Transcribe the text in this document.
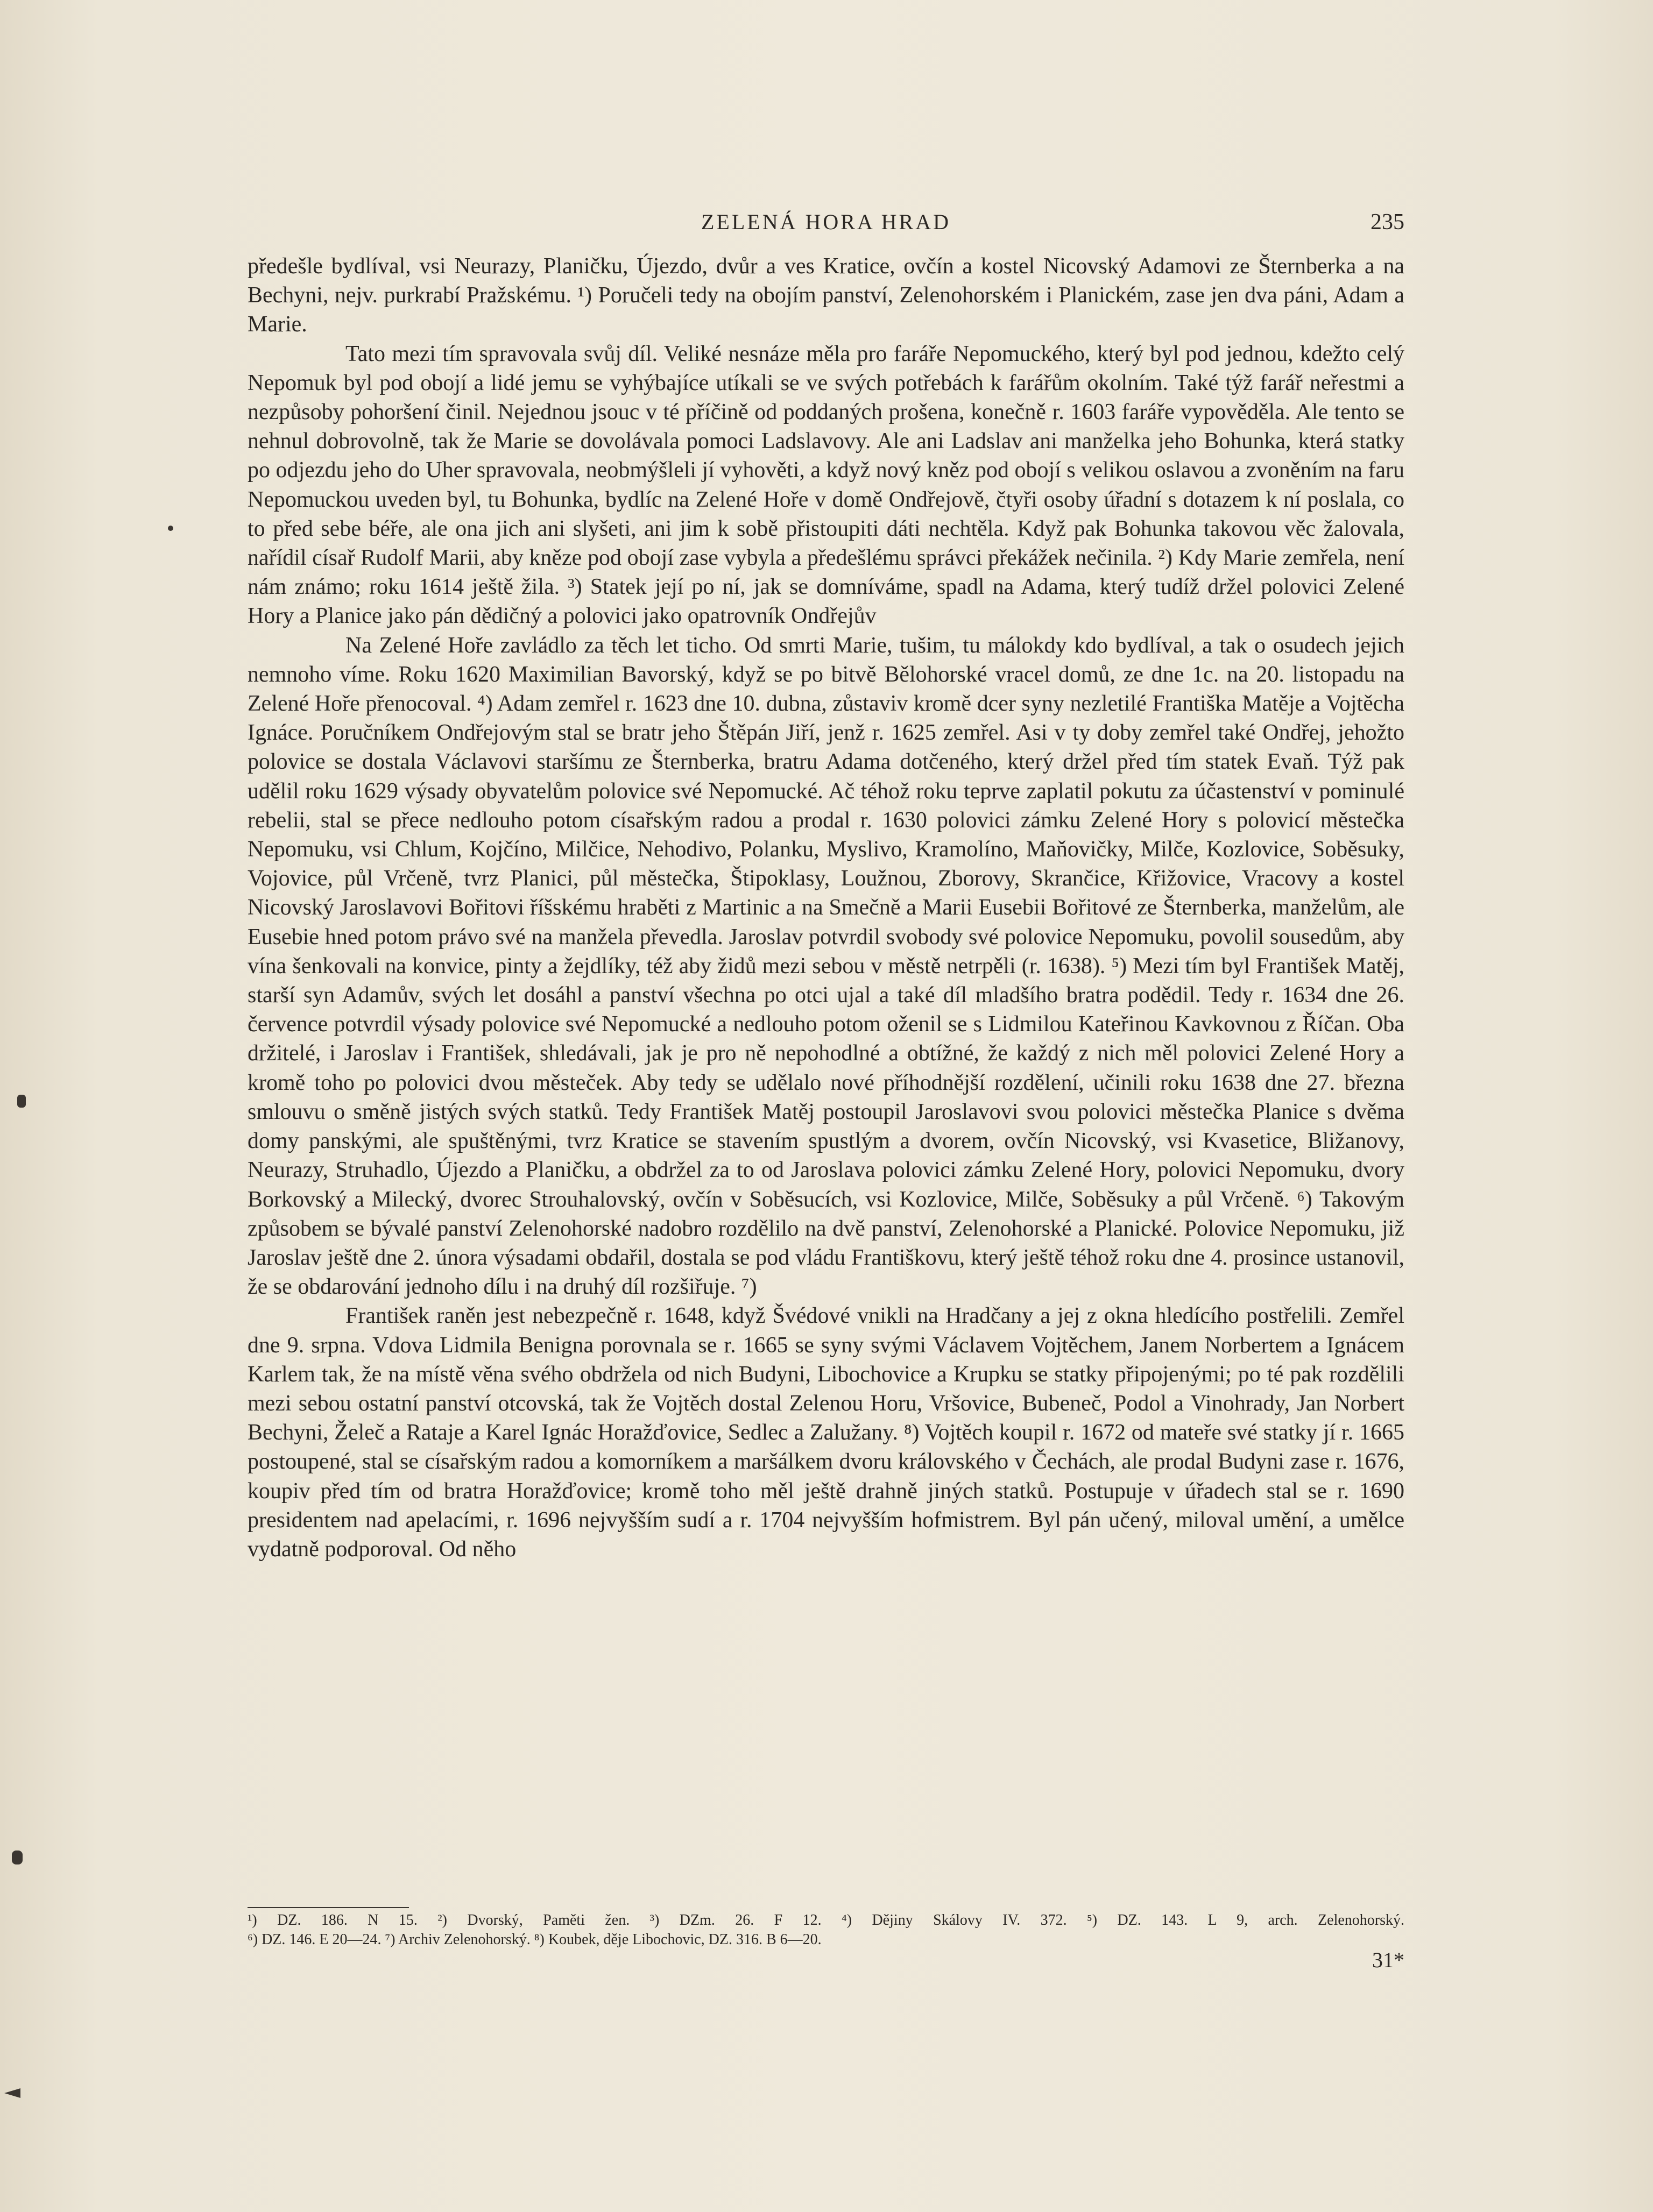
ZELENÁ HORA HRAD	235

předešle bydlíval, vsi Neurazy, Planičku, Újezdo, dvůr a ves Kratice, ovčín a kostel Nicovský Adamovi ze Šternberka a na Bechyni, nejv. purkrabí Pražskému. ¹) Poručeli tedy na obojím panství, Zelenohorském i Planickém, zase jen dva páni, Adam a Marie.

Tato mezi tím spravovala svůj díl. Veliké nesnáze měla pro faráře Nepomuckého, který byl pod jednou, kdežto celý Nepomuk byl pod obojí a lidé jemu se vyhýbajíce utíkali se ve svých potřebách k farářům okolním. Také týž farář neřestmi a nezpůsoby pohoršení činil. Nejednou jsouc v té příčině od poddaných prošena, konečně r. 1603 faráře vypověděla. Ale tento se nehnul dobrovolně, tak že Marie se dovolávala pomoci Ladslavovy. Ale ani Ladslav ani manželka jeho Bohunka, která statky po odjezdu jeho do Uher spravovala, neobmýšleli jí vyhověti, a když nový kněz pod obojí s velikou oslavou a zvoněním na faru Nepomuckou uveden byl, tu Bohunka, bydlíc na Zelené Hoře v domě Ondřejově, čtyři osoby úřadní s dotazem k ní poslala, co to před sebe béře, ale ona jich ani slyšeti, ani jim k sobě přistoupiti dáti nechtěla. Když pak Bohunka takovou věc žalovala, nařídil císař Rudolf Marii, aby kněze pod obojí zase vybyla a předešlému správci překážek nečinila. ²) Kdy Marie zemřela, není nám známo; roku 1614 ještě žila. ³) Statek její po ní, jak se domníváme, spadl na Adama, který tudíž držel polovici Zelené Hory a Planice jako pán dědičný a polovici jako opatrovník Ondřejův

Na Zelené Hoře zavládlo za těch let ticho. Od smrti Marie, tušim, tu málokdy kdo bydlíval, a tak o osudech jejich nemnoho víme. Roku 1620 Maximilian Bavorský, když se po bitvě Bělohorské vracel domů, ze dne 1c. na 20. listopadu na Zelené Hoře přenocoval. ⁴) Adam zemřel r. 1623 dne 10. dubna, zůstaviv kromě dcer syny nezletilé Františka Matěje a Vojtěcha Ignáce. Poručníkem Ondřejovým stal se bratr jeho Štěpán Jiří, jenž r. 1625 zemřel. Asi v ty doby zemřel také Ondřej, jehožto polovice se dostala Václavovi staršímu ze Šternberka, bratru Adama dotčeného, který držel před tím statek Evaň. Týž pak udělil roku 1629 výsady obyvatelům polovice své Nepomucké. Ač téhož roku teprve zaplatil pokutu za účastenství v pominulé rebelii, stal se přece nedlouho potom císařským radou a prodal r. 1630 polovici zámku Zelené Hory s polovicí městečka Nepomuku, vsi Chlum, Kojčíno, Milčice, Nehodivo, Polanku, Myslivo, Kramolíno, Maňovičky, Milče, Kozlovice, Soběsuky, Vojovice, půl Vrčeně, tvrz Planici, půl městečka, Štipoklasy, Loužnou, Zborovy, Skrančice, Křižovice, Vracovy a kostel Nicovský Jaroslavovi Bořitovi říšskému hraběti z Martinic a na Smečně a Marii Eusebii Bořitové ze Šternberka, manželům, ale Eusebie hned potom právo své na manžela převedla. Jaroslav potvrdil svobody své polovice Nepomuku, povolil sousedům, aby vína šenkovali na konvice, pinty a žejdlíky, též aby židů mezi sebou v městě netrpěli (r. 1638). ⁵) Mezi tím byl František Matěj, starší syn Adamův, svých let dosáhl a panství všechna po otci ujal a také díl mladšího bratra podědil. Tedy r. 1634 dne 26. července potvrdil výsady polovice své Nepomucké a nedlouho potom oženil se s Lidmilou Kateřinou Kavkovnou z Říčan. Oba držitelé, i Jaroslav i František, shledávali, jak je pro ně nepohodlné a obtížné, že každý z nich měl polovici Zelené Hory a kromě toho po polovici dvou městeček. Aby tedy se udělalo nové příhodnější rozdělení, učinili roku 1638 dne 27. března smlouvu o směně jistých svých statků. Tedy František Matěj postoupil Jaroslavovi svou polovici městečka Planice s dvěma domy panskými, ale spuštěnými, tvrz Kratice se stavením spustlým a dvorem, ovčín Nicovský, vsi Kvasetice, Bližanovy, Neurazy, Struhadlo, Újezdo a Planičku, a obdržel za to od Jaroslava polovici zámku Zelené Hory, polovici Nepomuku, dvory Borkovský a Milecký, dvorec Strouhalovský, ovčín v Soběsucích, vsi Kozlovice, Milče, Soběsuky a půl Vrčeně. ⁶) Takovým způsobem se bývalé panství Zelenohorské nadobro rozdělilo na dvě panství, Zelenohorské a Planické. Polovice Nepomuku, již Jaroslav ještě dne 2. února výsadami obdařil, dostala se pod vládu Františkovu, který ještě téhož roku dne 4. prosince ustanovil, že se obdarování jednoho dílu i na druhý díl rozšiřuje. ⁷)

František raněn jest nebezpečně r. 1648, když Švédové vnikli na Hradčany a jej z okna hledícího postřelili. Zemřel dne 9. srpna. Vdova Lidmila Benigna porovnala se r. 1665 se syny svými Václavem Vojtěchem, Janem Norbertem a Ignácem Karlem tak, že na místě věna svého obdržela od nich Budyni, Libochovice a Krupku se statky připojenými; po té pak rozdělili mezi sebou ostatní panství otcovská, tak že Vojtěch dostal Zelenou Horu, Vršovice, Bubeneč, Podol a Vinohrady, Jan Norbert Bechyni, Želeč a Rataje a Karel Ignác Horažďovice, Sedlec a Zalužany. ⁸) Vojtěch koupil r. 1672 od mateře své statky jí r. 1665 postoupené, stal se císařským radou a komorníkem a maršálkem dvoru královského v Čechách, ale prodal Budyni zase r. 1676, koupiv před tím od bratra Horažďovice; kromě toho měl ještě drahně jiných statků. Postupuje v úřadech stal se r. 1690 presidentem nad apelacími, r. 1696 nejvyšším sudí a r. 1704 nejvyšším hofmistrem. Byl pán učený, miloval umění, a umělce vydatně podporoval. Od něho

¹) DZ. 186. N 15. ²) Dvorský, Paměti žen. ³) DZm. 26. F 12. ⁴) Dějiny Skálovy IV. 372. ⁵) DZ. 143. L 9, arch. Zelenohorský.

⁶) DZ. 146. E 20—24. ⁷) Archiv Zelenohorský. ⁸) Koubek, děje Libochovic, DZ. 316. B 6—20.

31*
